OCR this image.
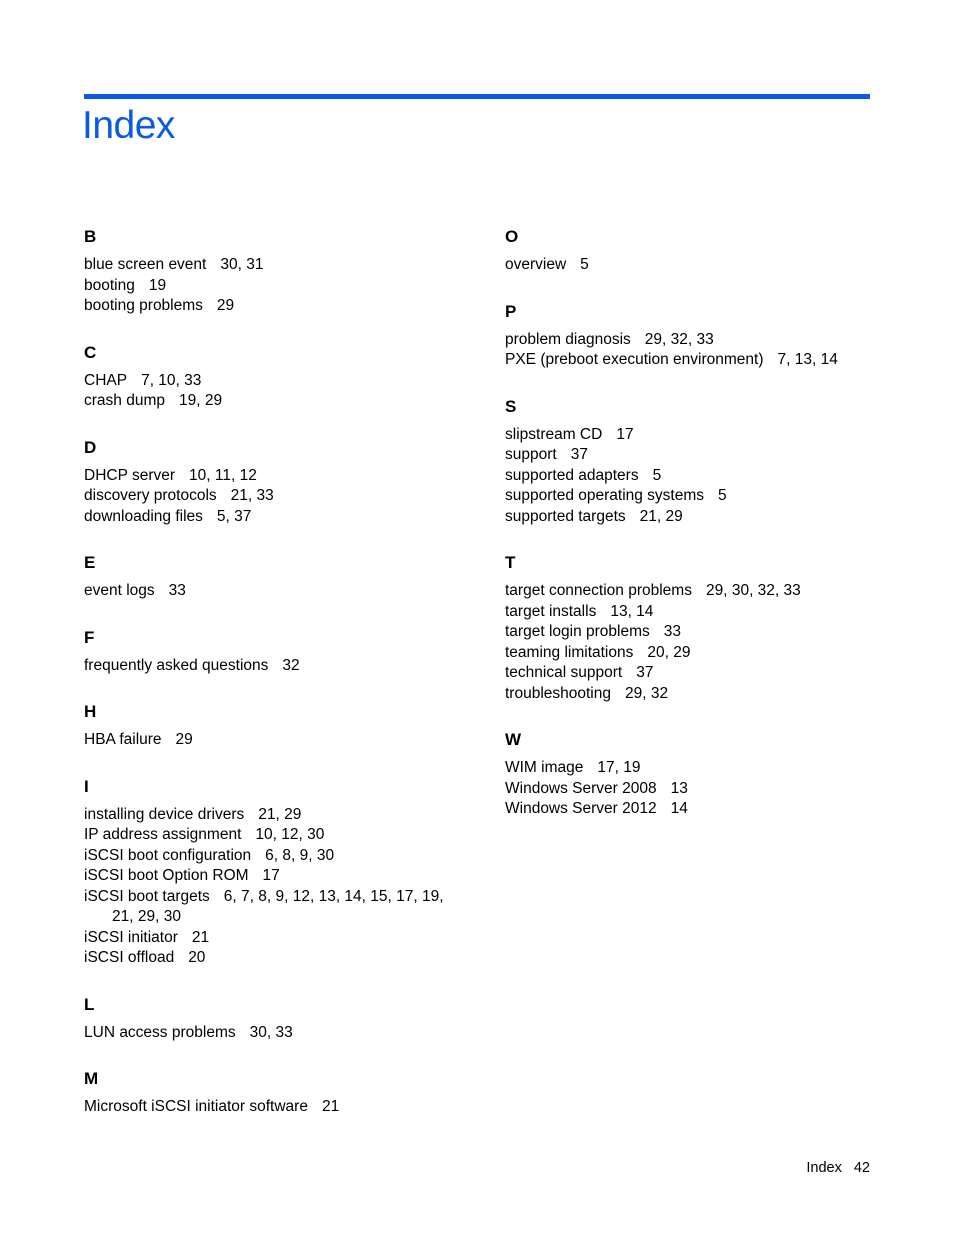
Index
B
blue screen event 30, 31
booting 19
booting problems 29
C
CHAP 7, 10, 33
crash dump 19, 29
D
DHCP server 10, 11, 12
discovery protocols 21, 33
downloading files 5, 37
E
event logs 33
F
frequently asked questions 32
H
HBA failure 29
I
installing device drivers 21, 29
IP address assignment 10, 12, 30
iSCSI boot configuration 6, 8, 9, 30
iSCSI boot Option ROM 17
iSCSI boot targets 6, 7, 8, 9, 12, 13, 14, 15, 17, 19, 21, 29, 30
iSCSI initiator 21
iSCSI offload 20
L
LUN access problems 30, 33
M
Microsoft iSCSI initiator software 21
O
overview 5
P
problem diagnosis 29, 32, 33
PXE (preboot execution environment) 7, 13, 14
S
slipstream CD 17
support 37
supported adapters 5
supported operating systems 5
supported targets 21, 29
T
target connection problems 29, 30, 32, 33
target installs 13, 14
target login problems 33
teaming limitations 20, 29
technical support 37
troubleshooting 29, 32
W
WIM image 17, 19
Windows Server 2008 13
Windows Server 2012 14
Index 42
